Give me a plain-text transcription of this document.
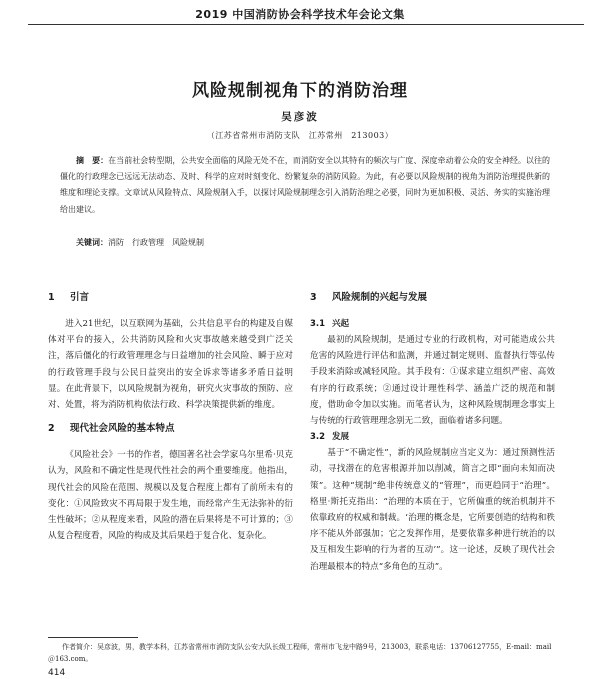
2019 中国消防协会科学技术年会论文集
风险规制视角下的消防治理
吴彦波
（江苏省常州市消防支队　江苏常州　213003）
摘　要：在当前社会转型期，公共安全面临的风险无处不在，而消防安全以其特有的频次与广度、深度牵动着公众的安全神经。以往的僵化的行政理念已远远无法动态、及时、科学的应对时刻变化、纷繁复杂的消防风险。为此，有必要以风险规制的视角为消防治理提供新的维度和理论支撑。文章试从风险特点、风险规制入手，以探讨风险规制理念引入消防治理之必要，同时为更加积极、灵活、务实的实施治理给出建议。
关键词：消防　行政管理　风险规制
1 引言

进入21世纪，以互联网为基础，公共信息平台的构建及自媒体对平台的接入，公共消防风险和火灾事故越来越受到广泛关注，落后僵化的行政管理理念与日益增加的社会风险、瞬于应对的行政管理手段与公民日益突出的安全诉求等诸多矛盾日益明显。在此背景下，以风险规制为视角，研究火灾事故的预防、应对、处置，将为消防机构依法行政、科学决策提供新的维度。

2 现代社会风险的基本特点

《风险社会》一书的作者，德国著名社会学家乌尔里希·贝克认为，风险和不确定性是现代性社会的两个重要维度。他指出，现代社会的风险在范围、规模以及复合程度上都有了前所未有的变化：①风险致灾不再局限于发生地，而经常产生无法弥补的衍生性破坏；②从程度来看，风险的潜在后果将是不可计算的；③从复合程度看，风险的构成及其后果趋于复合化、复杂化。

3 风险规制的兴起与发展
3.1 兴起

最初的风险规制，是通过专业的行政机构，对可能造成公共危害的风险进行评估和监测，并通过制定规则、监督执行等弘传手段来消除或减轻风险。其手段有：①谋求建立组织严密、高效有序的行政系统；②通过设计理性科学、涵盖广泛的规范和制度，借助命令加以实施。而笔者认为，这种风险规制理念事实上与传统的行政管理理念别无二致，面临着诸多问题。

3.2 发展

基于“不确定性”，新的风险规制应当定义为：通过预测性活动，寻找潜在的危害根源并加以削减，简言之即“面向未知而决策”。这种“规制”绝非传统意义的“管理”，而更趋同于“治理”。格里·斯托克指出：“治理的本质在于，它所偏重的统治机制并不依靠政府的权威和制裁。‘治理的概念是，它所要创造的结构和秩序不能从外部强加；它之发挥作用，是要依靠多种进行统治的以及互相发生影响的行为者的互动’”。这一论述，反映了现代社会治理最根本的特点“多角色的互动”。

作者简介：吴彦波，男，教学本科，江苏省常州市消防支队公安大队长级工程师，常州市飞龙中路9号，213003，联系电话：13706127755，E-mail：mail＠163.com。
414
